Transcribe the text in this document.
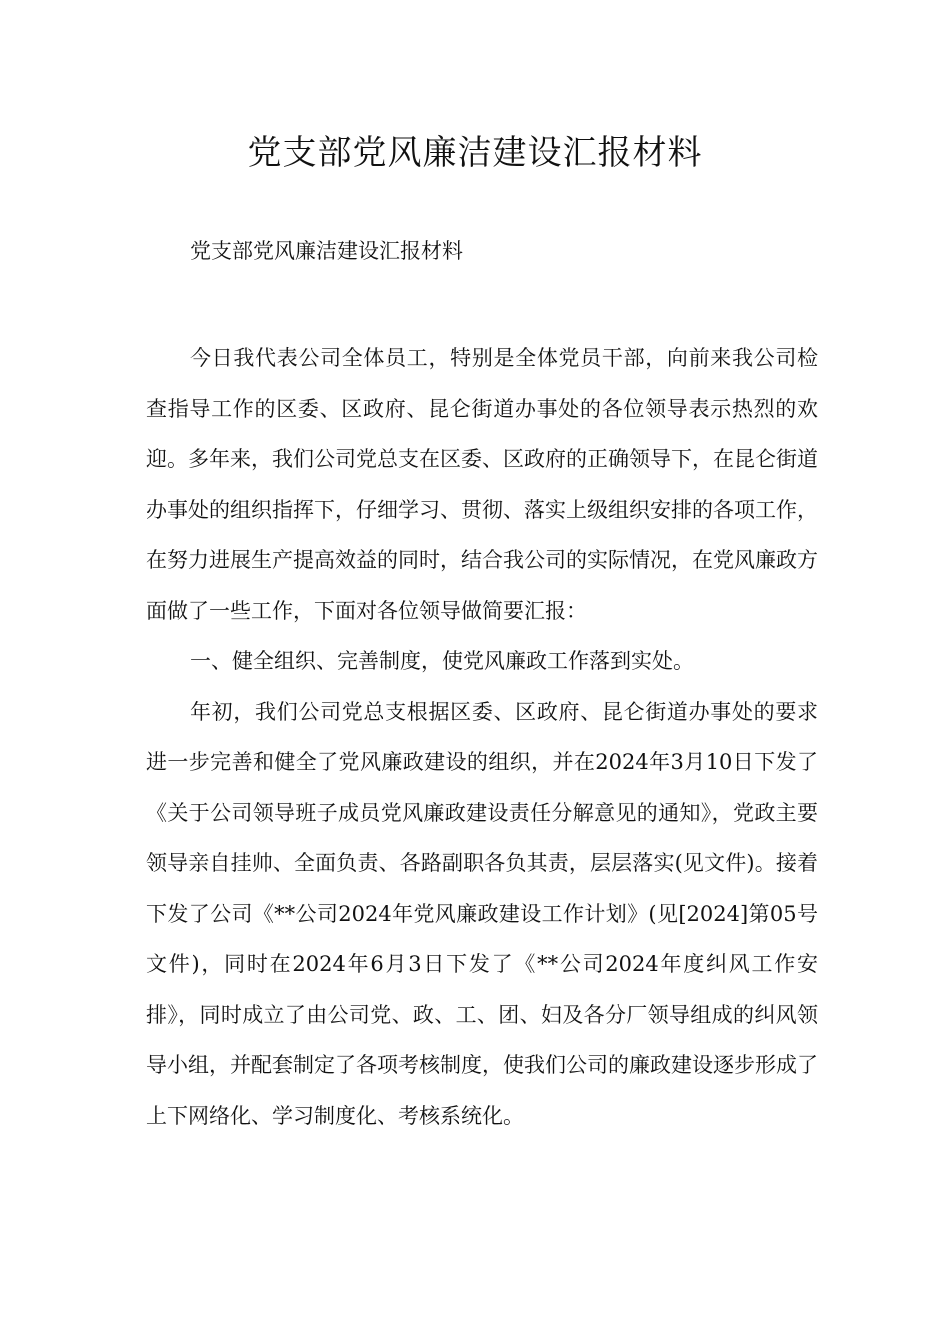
党支部党风廉洁建设汇报材料

党支部党风廉洁建设汇报材料

今日我代表公司全体员工，特别是全体党员干部，向前来我公司检查指导工作的区委、区政府、昆仑街道办事处的各位领导表示热烈的欢迎。多年来，我们公司党总支在区委、区政府的正确领导下，在昆仑街道办事处的组织指挥下，仔细学习、贯彻、落实上级组织安排的各项工作，在努力进展生产提高效益的同时，结合我公司的实际情况，在党风廉政方面做了一些工作，下面对各位领导做简要汇报：

一、健全组织、完善制度，使党风廉政工作落到实处。

年初，我们公司党总支根据区委、区政府、昆仑街道办事处的要求进一步完善和健全了党风廉政建设的组织，并在2024年3月10日下发了《关于公司领导班子成员党风廉政建设责任分解意见的通知》，党政主要领导亲自挂帅、全面负责、各路副职各负其责，层层落实(见文件)。接着下发了公司《**公司2024年党风廉政建设工作计划》(见[2024]第05号文件)，同时在2024年6月3日下发了《**公司2024年度纠风工作安排》，同时成立了由公司党、政、工、团、妇及各分厂领导组成的纠风领导小组，并配套制定了各项考核制度，使我们公司的廉政建设逐步形成了上下网络化、学习制度化、考核系统化。
